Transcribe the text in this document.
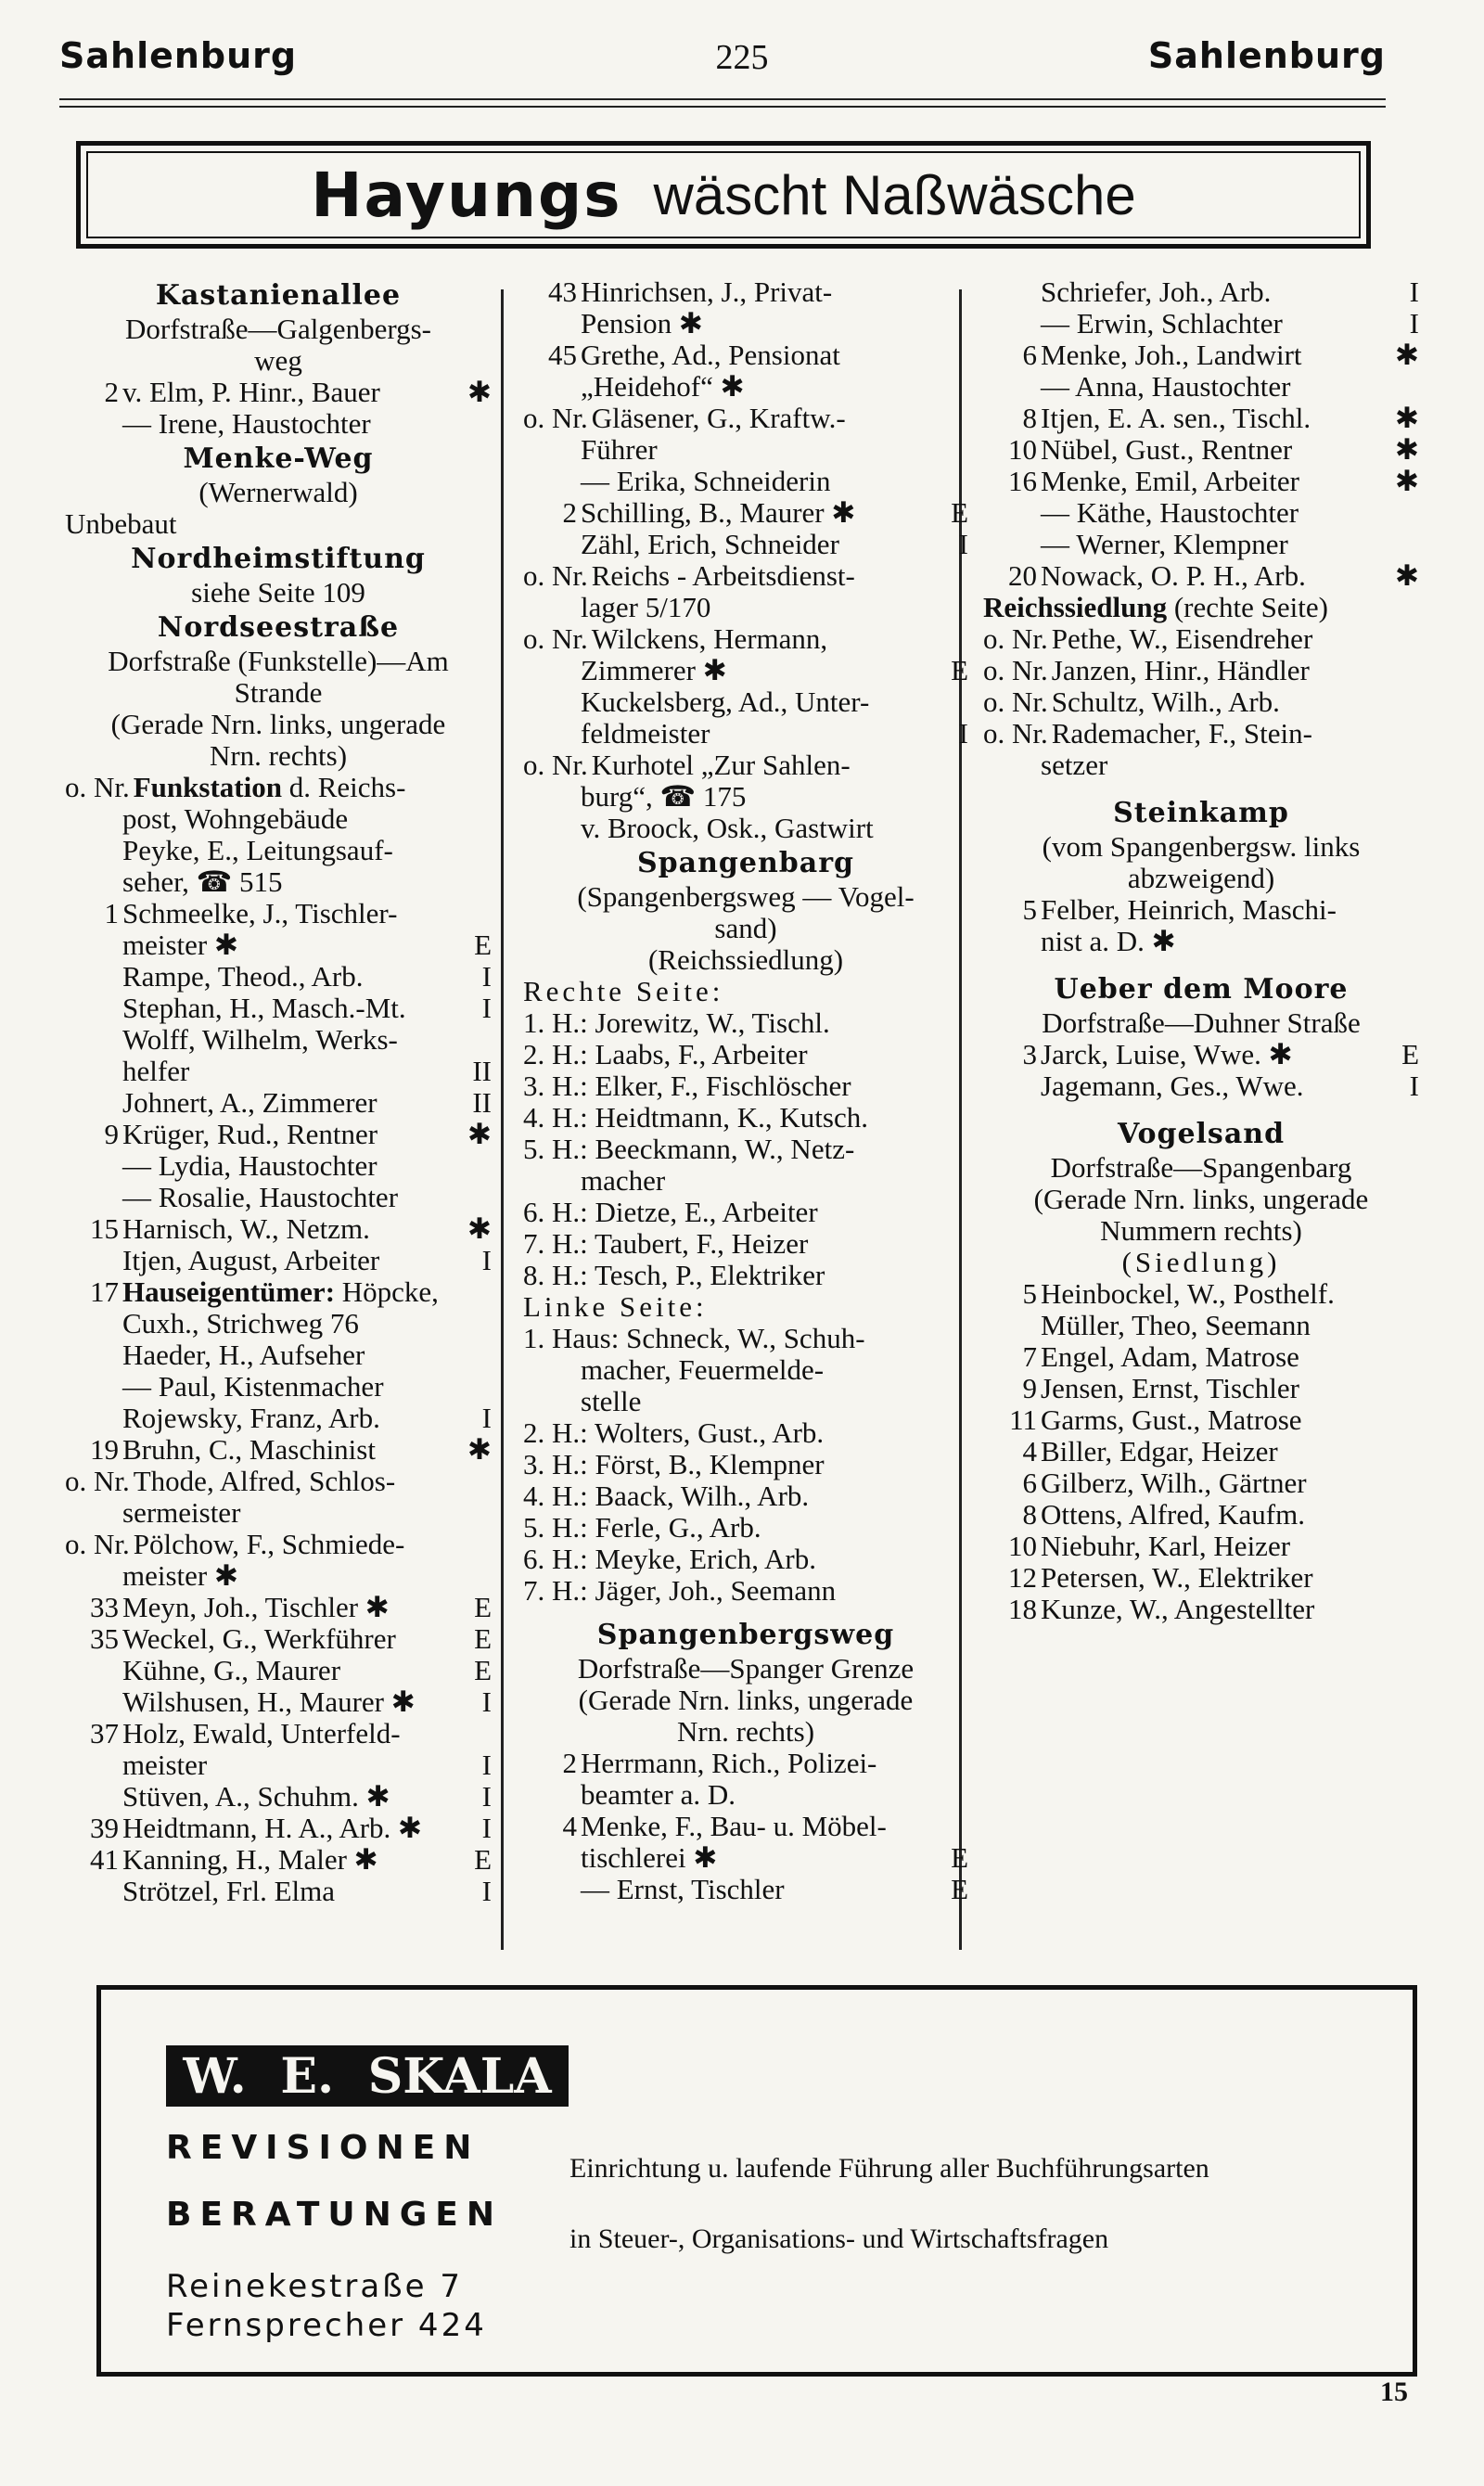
Sahlenburg	225	Sahlenburg
Hayungs wäscht Naßwäsche
Kastanienallee
Dorfstraße—Galgenbergs-
weg
2 v. Elm, P. Hinr., Bauer	✱
— Irene, Haustochter
Menke-Weg
(Wernerwald)
Unbebaut
Nordheimstiftung
siehe Seite 109
Nordseestraße
Dorfstraße (Funkstelle)—Am
Strande
(Gerade Nrn. links, ungerade
Nrn. rechts)
o. Nr. Funkstation d. Reichs-
post, Wohngebäude
Peyke, E., Leitungsauf-
seher, ☎ 515
1 Schmeelke, J., Tischler-
meister ✱	E
Rampe, Theod., Arb.	I
Stephan, H., Masch.-Mt.	I
Wolff, Wilhelm, Werks-
helfer	II
Johnert, A., Zimmerer	II
9 Krüger, Rud., Rentner	✱
— Lydia, Haustochter
— Rosalie, Haustochter
15 Harnisch, W., Netzm.	✱
Itjen, August, Arbeiter	I
17 Hauseigentümer: Höpcke,
Cuxh., Strichweg 76
Haeder, H., Aufseher
— Paul, Kistenmacher
Rojewsky, Franz, Arb.	I
19 Bruhn, C., Maschinist	✱
o. Nr. Thode, Alfred, Schlos-
sermeister
o. Nr. Pölchow, F., Schmiede-
meister ✱
33 Meyn, Joh., Tischler ✱	E
35 Weckel, G., Werkführer	E
Kühne, G., Maurer	E
Wilshusen, H., Maurer ✱ I
37 Holz, Ewald, Unterfeld-
meister	I
Stüven, A., Schuhm. ✱	I
39 Heidtmann, H. A., Arb. ✱ I
41 Kanning, H., Maler ✱	E
Strötzel, Frl. Elma	I
43 Hinrichsen, J., Privat-
Pension ✱
45 Grethe, Ad., Pensionat
„Heidehof“ ✱
o. Nr. Gläsener, G., Kraftw.-
Führer
— Erika, Schneiderin
2 Schilling, B., Maurer ✱	E
Zähl, Erich, Schneider	I
o. Nr. Reichs - Arbeitsdienst-
lager 5/170
o. Nr. Wilckens, Hermann,
Zimmerer ✱	E
Kuckelsberg, Ad., Unter-
feldmeister	I
o. Nr. Kurhotel „Zur Sahlen-
burg“, ☎ 175
v. Broock, Osk., Gastwirt
Spangenbarg
(Spangenbergsweg — Vogel-
sand)
(Reichssiedlung)
Rechte Seite:
1. H.: Jorewitz, W., Tischl.
2. H.: Laabs, F., Arbeiter
3. H.: Elker, F., Fischlöscher
4. H.: Heidtmann, K., Kutsch.
5. H.: Beeckmann, W., Netz-
macher
6. H.: Dietze, E., Arbeiter
7. H.: Taubert, F., Heizer
8. H.: Tesch, P., Elektriker
Linke Seite:
1. Haus: Schneck, W., Schuh-
macher, Feuermelde-
stelle
2. H.: Wolters, Gust., Arb.
3. H.: Först, B., Klempner
4. H.: Baack, Wilh., Arb.
5. H.: Ferle, G., Arb.
6. H.: Meyke, Erich, Arb.
7. H.: Jäger, Joh., Seemann
Spangenbergsweg
Dorfstraße—Spanger Grenze
(Gerade Nrn. links, ungerade
Nrn. rechts)
2 Herrmann, Rich., Polizei-
beamter a. D.
4 Menke, F., Bau- u. Möbel-
tischlerei ✱	E
— Ernst, Tischler	E
Schriefer, Joh., Arb.	I
— Erwin, Schlachter	I
6 Menke, Joh., Landwirt	✱
— Anna, Haustochter
8 Itjen, E. A. sen., Tischl.	✱
10 Nübel, Gust., Rentner	✱
16 Menke, Emil, Arbeiter	✱
— Käthe, Haustochter
— Werner, Klempner
20 Nowack, O. P. H., Arb.	✱
Reichssiedlung (rechte Seite)
o. Nr. Pethe, W., Eisendreher
o. Nr. Janzen, Hinr., Händler
o. Nr. Schultz, Wilh., Arb.
o. Nr. Rademacher, F., Stein-
setzer
Steinkamp
(vom Spangenbergsw. links
abzweigend)
5 Felber, Heinrich, Maschi-
nist a. D. ✱
Ueber dem Moore
Dorfstraße—Duhner Straße
3 Jarck, Luise, Wwe. ✱	E
Jagemann, Ges., Wwe.	I
Vogelsand
Dorfstraße—Spangenbarg
(Gerade Nrn. links, ungerade
Nummern rechts)
(Siedlung)
5 Heinbockel, W., Posthelf.
Müller, Theo, Seemann
7 Engel, Adam, Matrose
9 Jensen, Ernst, Tischler
11 Garms, Gust., Matrose
4 Biller, Edgar, Heizer
6 Gilberz, Wilh., Gärtner
8 Ottens, Alfred, Kaufm.
10 Niebuhr, Karl, Heizer
12 Petersen, W., Elektriker
18 Kunze, W., Angestellter
W. E. SKALA
REVISIONEN
Einrichtung u. laufende Führung aller Buchführungsarten
BERATUNGEN
in Steuer-, Organisations- und Wirtschaftsfragen
Reinekestraße 7
Fernsprecher 424
15
